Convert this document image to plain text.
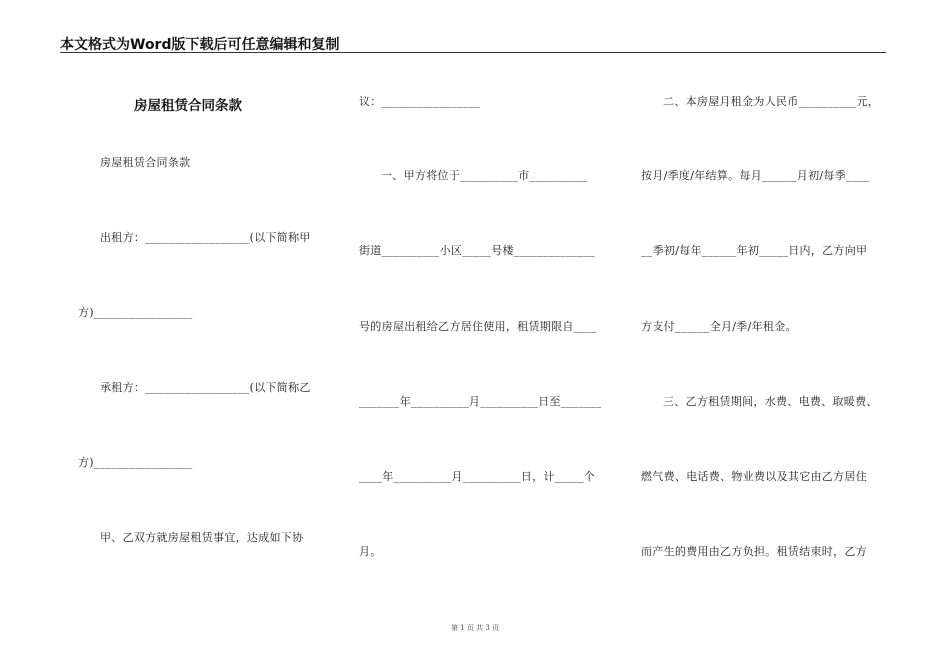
本文格式为Word版下载后可任意编辑和复制
房屋租赁合同条款
房屋租赁合同条款
出租方：__________________(以下简称甲
方)_________________
承租方：__________________(以下简称乙
方)_________________
甲、乙双方就房屋租赁事宜，达成如下协
议：_________________
一、甲方将位于__________市__________
街道__________小区_____号楼______________
号的房屋出租给乙方居住使用，租赁期限自____
_______年__________月__________日至_______
____年__________月__________日，计_____个
月。
二、本房屋月租金为人民币__________元，
按月/季度/年结算。每月______月初/每季____
__季初/每年______年初_____日内，乙方向甲
方支付______全月/季/年租金。
三、乙方租赁期间，水费、电费、取暖费、
燃气费、电话费、物业费以及其它由乙方居住
而产生的费用由乙方负担。租赁结束时，乙方
第 1 页 共 3 页
